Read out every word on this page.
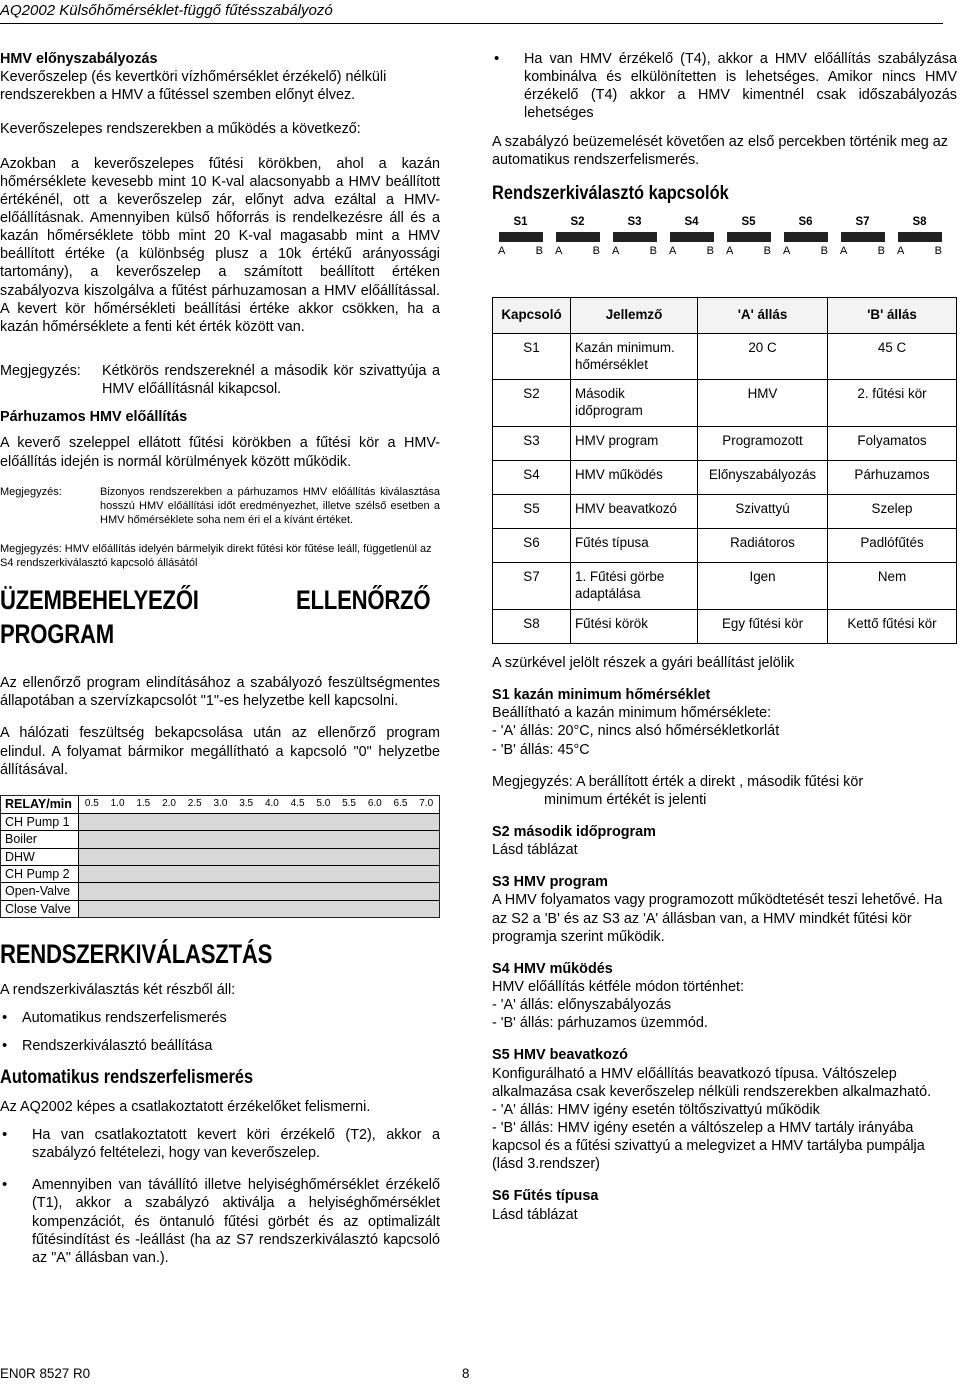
AQ2002 Külsőhőmérséklet-függő fűtésszabályozó

HMV előnyszabályozás

Keverőszelep (és kevertköri vízhőmérséklet érzékelő) nélküli rendszerekben a HMV a fűtéssel szemben előnyt élvez.

Keverőszelepes rendszerekben a működés a következő:

Azokban a keverőszelepes fűtési körökben, ahol a kazán hőmérséklete kevesebb mint 10 K-val alacsonyabb a HMV beállított értékénél, ott a keverőszelep zár, előnyt adva ezáltal a HMV-előállításnak. Amennyiben külső hőforrás is rendelkezésre áll és a kazán hőmérséklete több mint 20 K-val magasabb mint a HMV beállított értéke (a különbség plusz a 10k értékű arányossági tartomány), a keverőszelep a számított beállított értéken szabályozva kiszolgálva a fűtést párhuzamosan a HMV előállítással. A kevert kör hőmérsékleti beállítási értéke akkor csökken, ha a kazán hőmérséklete a fenti két érték között van.

Megjegyzés:	Kétkörös rendszereknél a második kör szivattyúja a HMV előállításnál kikapcsol.

Párhuzamos HMV előállítás

A keverő szeleppel ellátott fűtési körökben a fűtési kör a HMV-előállítás idején is normál körülmények között működik.

Megjegyzés:	Bizonyos rendszerekben a párhuzamos HMV előállítás kiválasztása hosszú HMV előállítási időt eredményezhet, illetve szélső esetben a HMV hőmérséklete soha nem éri el a kívánt értéket.

Megjegyzés: HMV előállítás idelyén bármelyik direkt fűtési kör fűtése leáll, függetlenül az S4 rendszerkiválasztó kapcsoló állásától

ÜZEMBEHELYEZŐI	ELLENŐRZŐ
PROGRAM

Az ellenőrző program elindításához a szabályozó feszültségmentes állapotában a szervízkapcsolót "1"-es helyzetbe kell kapcsolni.

A hálózati feszültség bekapcsolása után az ellenőrző program elindul. A folyamat bármikor megállítható a kapcsoló "0" helyzetbe állításával.

RELAY/min	0.5	1.0	1.5	2.0	2.5	3.0	3.5	4.0	4.5	5.0	5.5	6.0	6.5	7.0
CH Pump 1
Boiler
DHW
CH Pump 2
Open-Valve
Close Valve
RENDSZERKIVÁLASZTÁS

A rendszerkiválasztás két részből áll:

• Automatikus rendszerfelismerés
• Rendszerkiválasztó beállítása
Automatikus rendszerfelismerés

Az AQ2002 képes a csatlakoztatott érzékelőket felismerni.

• Ha van csatlakoztatott kevert köri érzékelő (T2), akkor a szabályzó feltételezi, hogy van keverőszelep.
• Amennyiben van távállító illetve helyiséghőmérséklet érzékelő (T1), akkor a szabályzó aktiválja a helyiséghőmérséklet kompenzációt, és öntanuló fűtési görbét és az optimalizált fűtésindítást és -leállást (ha az S7 rendszerkiválasztó kapcsoló az "A" állásban van.).
• Ha van HMV érzékelő (T4), akkor a HMV előállítás szabályzása kombinálva és elkülönítetten is lehetséges. Amikor nincs HMV érzékelő (T4) akkor a HMV kimentnél csak időszabályozás lehetséges

A szabályzó beüzemelését követően az első percekben történik meg az automatikus rendszerfelismerés.

Rendszerkiválasztó kapcsolók
S1
A	B
S2
A	B
S3
A	B
S4
A	B
S5
A	B
S6
A	B
S7
A	B
S8
A	B
Kapcsoló	Jellemző	'A' állás	'B' állás
S1	Kazán minimum. hőmérséklet	20 C	45 C
S2	Második időprogram	HMV	2. fűtési kör
S3	HMV program	Programozott	Folyamatos
S4	HMV működés	Előnyszabályozás	Párhuzamos
S5	HMV beavatkozó	Szivattyú	Szelep
S6	Fűtés típusa	Radiátoros	Padlófűtés
S7	1. Fűtési görbe adaptálása	Igen	Nem
S8	Fűtési körök	Egy fűtési kör	Kettő fűtési kör

A szürkével jelölt részek a gyári beállítást jelölik

S1 kazán minimum hőmérséklet

Beállítható a kazán minimum hőmérséklete:

- 'A' állás: 20°C, nincs alsó hőmérsékletkorlát

- 'B' állás: 45°C

Megjegyzés: A berállított érték a direkt , második fűtési kör

minimum értékét is jelenti

S2 második időprogram

Lásd táblázat

S3 HMV program

A HMV folyamatos vagy programozott működtetését teszi lehetővé. Ha az S2 a 'B' és az S3 az 'A' állásban van, a HMV mindkét fűtési kör programja szerint működik.

S4 HMV működés

HMV előállítás kétféle módon történhet:

- 'A' állás: előnyszabályozás

- 'B' állás: párhuzamos üzemmód.

S5 HMV beavatkozó

Konfigurálható a HMV előállítás beavatkozó típusa. Váltószelep alkalmazása csak keverőszelep nélküli rendszerekben alkalmazható.

- 'A' állás: HMV igény esetén töltőszivattyú működik

- 'B' állás: HMV igény esetén a váltószelep a HMV tartály irányába kapcsol és a fűtési szivattyú a melegvizet a HMV tartályba pumpálja (lásd 3.rendszer)

S6 Fűtés típusa

Lásd táblázat

EN0R 8527 R0	8
